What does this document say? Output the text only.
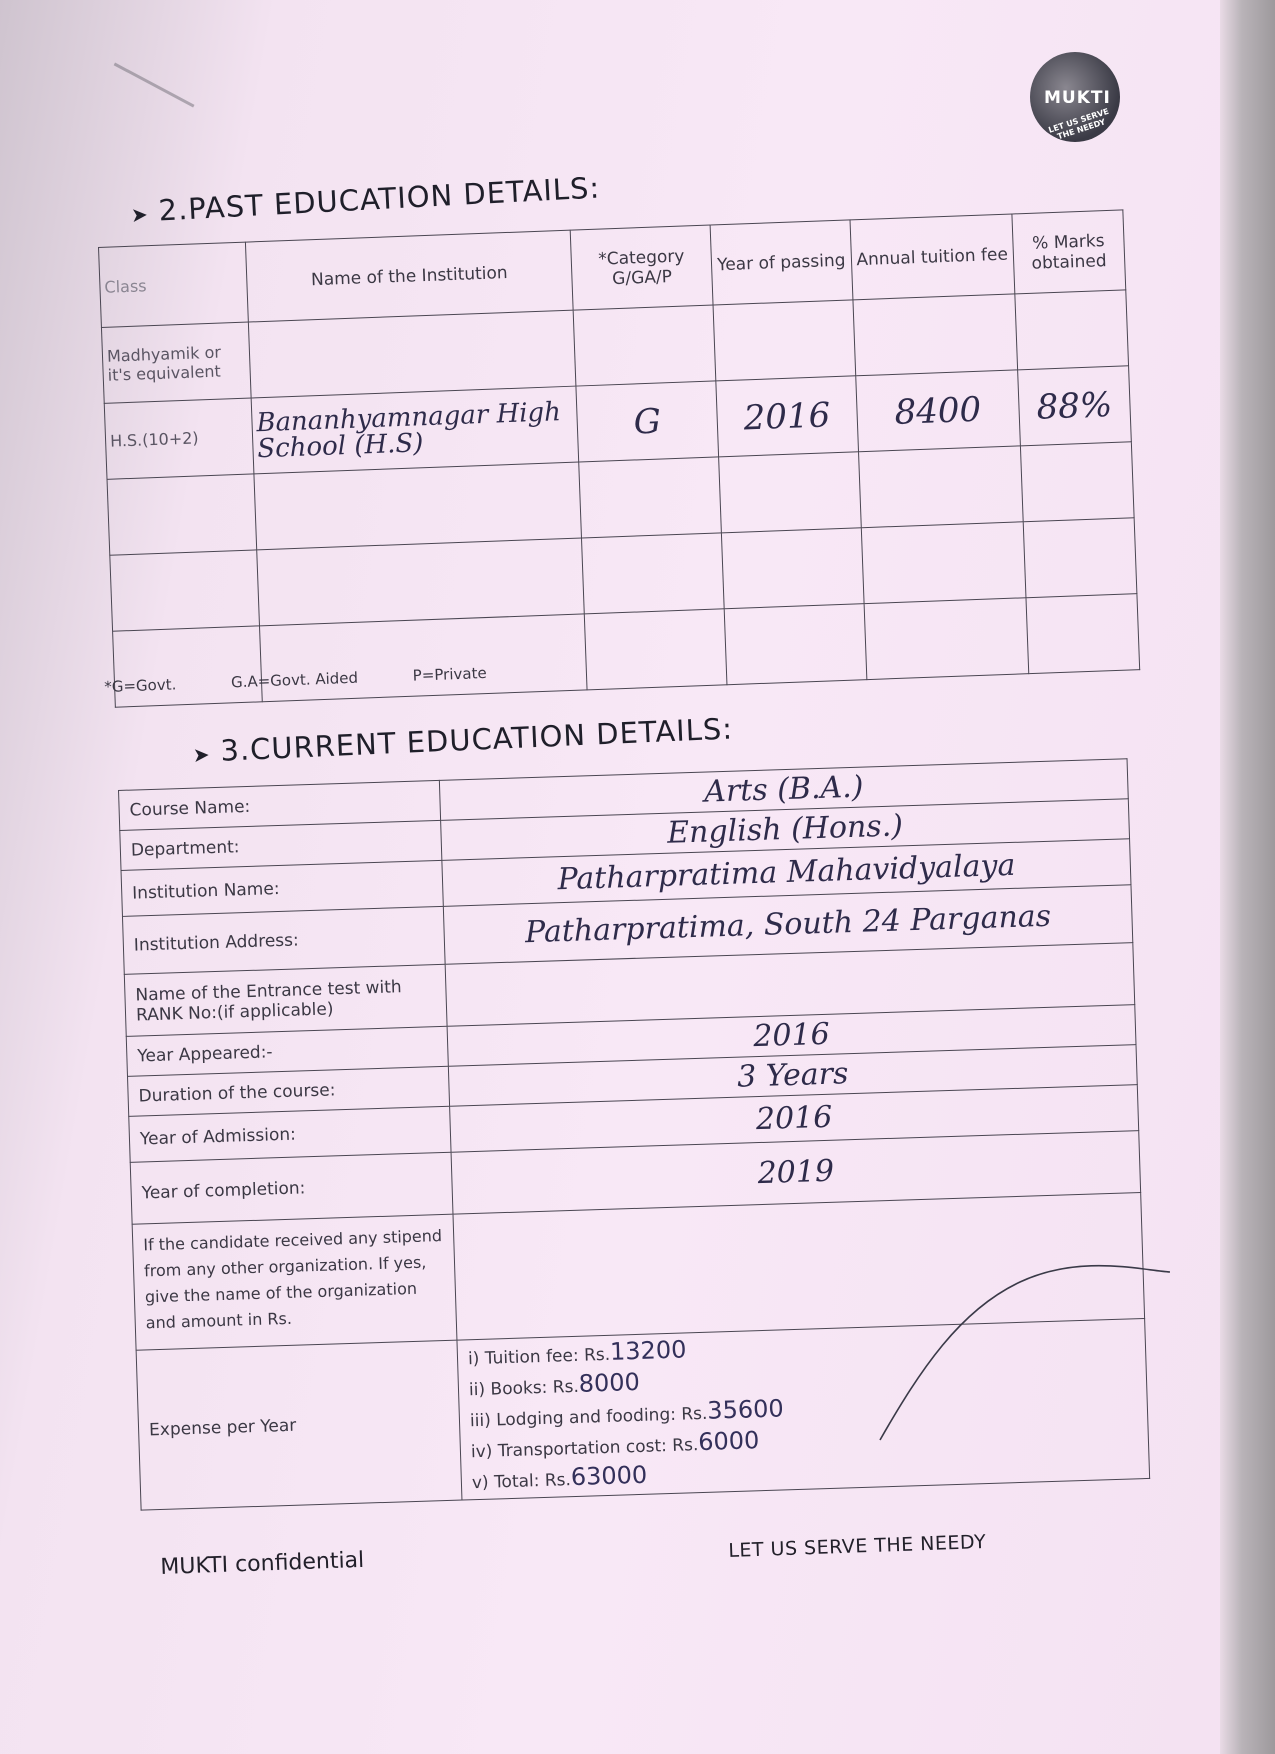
MUKTI
LET US SERVE THE NEEDY
➤ 2.PAST EDUCATION DETAILS:
Class	Name of the Institution	*Category G/GA/P	Year of passing	Annual tuition fee	% Marks obtained
Madhyamik or it's equivalent					
H.S.(10+2)	Bananhyamnagar High School (H.S)	G	2016	8400	88%

*G=Govt.	G.A=Govt. Aided	P=Private
➤ 3.CURRENT EDUCATION DETAILS:
Course Name:	Arts (B.A.)
Department:	English (Hons.)
Institution Name:	Patharpratima Mahavidyalaya
Institution Address:	Patharpratima, South 24 Parganas
Name of the Entrance test with RANK No:(if applicable)	
Year Appeared:-	2016
Duration of the course:	3 Years
Year of Admission:	2016
Year of completion:	2019
If the candidate received any stipend from any other organization. If yes, give the name of the organization and amount in Rs.	
Expense per Year	i) Tuition fee: Rs.13200
ii) Books: Rs.8000
iii) Lodging and fooding: Rs.35600
iv) Transportation cost: Rs.6000
v) Total: Rs.63000
MUKTI confidential
LET US SERVE THE NEEDY
